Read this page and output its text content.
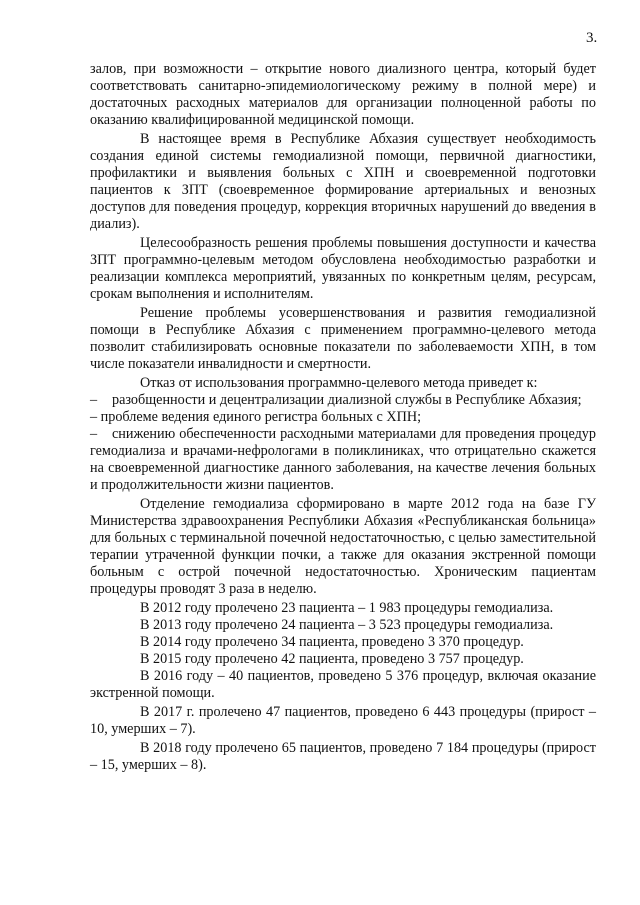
3.

залов, при возможности – открытие нового диализного центра, который будет соответствовать санитарно-эпидемиологическому режиму в полной мере) и достаточных расходных материалов для организации полноценной работы по оказанию квалифицированной медицинской помощи.

В настоящее время в Республике Абхазия существует необходимость создания единой системы гемодиализной помощи, первичной диагностики, профилактики и выявления больных с ХПН и своевременной подготовки пациентов к ЗПТ (своевременное формирование артериальных и венозных доступов для поведения процедур, коррекция вторичных нарушений до введения в диализ).

Целесообразность решения проблемы повышения доступности и качества ЗПТ программно-целевым методом обусловлена необходимостью разработки и реализации комплекса мероприятий, увязанных по конкретным целям, ресурсам, срокам выполнения и исполнителям.

Решение проблемы усовершенствования и развития гемодиализной помощи в Республике Абхазия с применением программно-целевого метода позволит стабилизировать основные показатели по заболеваемости ХПН, в том числе показатели инвалидности и смертности.

Отказ от использования программно-целевого метода приведет к:

– разобщенности и децентрализации диализной службы в Республике Абхазия;

– проблеме ведения единого регистра больных с ХПН;

– снижению обеспеченности расходными материалами для проведения процедур гемодиализа и врачами-нефрологами в поликлиниках, что отрицательно скажется на своевременной диагностике данного заболевания, на качестве лечения больных и продолжительности жизни пациентов.

Отделение гемодиализа сформировано в марте 2012 года на базе ГУ Министерства здравоохранения Республики Абхазия «Республиканская больница» для больных с терминальной почечной недостаточностью, с целью заместительной терапии утраченной функции почки, а также для оказания экстренной помощи больным с острой почечной недостаточностью. Хроническим пациентам процедуры проводят 3 раза в неделю.

В 2012 году пролечено 23 пациента – 1 983 процедуры гемодиализа.

В 2013 году пролечено 24 пациента – 3 523 процедуры гемодиализа.

В 2014 году пролечено 34 пациента, проведено 3 370 процедур.

В 2015 году пролечено 42 пациента, проведено 3 757 процедур.

В 2016 году – 40 пациентов, проведено 5 376 процедур, включая оказание экстренной помощи.

В 2017 г. пролечено 47 пациентов, проведено 6 443 процедуры (прирост – 10, умерших – 7).

В 2018 году пролечено 65 пациентов, проведено 7 184 процедуры (прирост – 15, умерших – 8).
